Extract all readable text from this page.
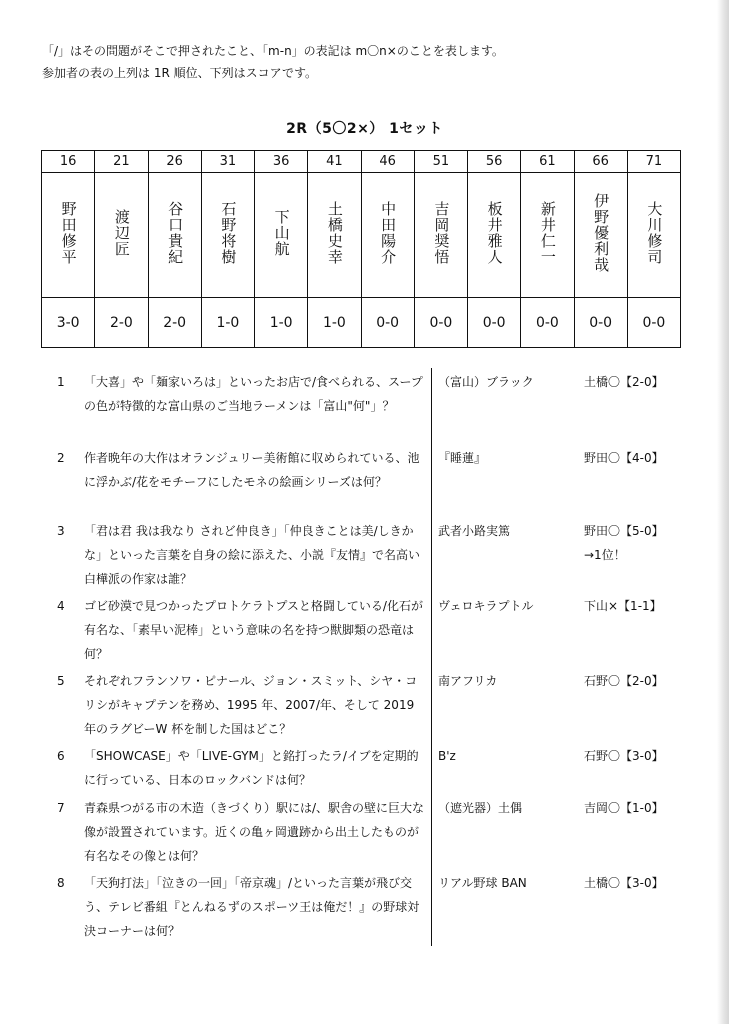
「/」はその問題がそこで押されたこと、「m-n」の表記は m〇n×のことを表します。
参加者の表の上列は 1R 順位、下列はスコアです。
2R（5〇2×） 1セット
16	21	26	31	36	41	46	51	56	61	66	71
野田修平	渡辺匠	谷口貴紀	石野将樹	下山航	土橋史幸	中田陽介	吉岡奨悟	板井雅人	新井仁一	伊野優利哉	大川修司
3-0	2-0	2-0	1-0	1-0	1-0	0-0	0-0	0-0	0-0	0-0	0-0
1 「大喜」や「麺家いろは」といったお店で/食べられる、スープの色が特徴的な富山県のご当地ラーメンは「富山"何"」？
（富山）ブラック	土橋〇【2-0】
2 作者晩年の大作はオランジュリー美術館に収められている、池に浮かぶ/花をモチーフにしたモネの絵画シリーズは何？
『睡蓮』	野田〇【4-0】
3 「君は君 我は我なり されど仲良き」「仲良きことは美/しきかな」といった言葉を自身の絵に添えた、小説『友情』で名高い白樺派の作家は誰？
武者小路実篤	野田〇【5-0】
→1位！
4 ゴビ砂漠で見つかったプロトケラトプスと格闘している/化石が有名な、「素早い泥棒」という意味の名を持つ獣脚類の恐竜は何？
ヴェロキラプトル	下山×【1-1】
5 それぞれフランソワ・ピナール、ジョン・スミット、シヤ・コリシがキャプテンを務め、1995 年、2007/年、そして 2019 年のラグビーW 杯を制した国はどこ？
南アフリカ	石野〇【2-0】
6 「SHOWCASE」や「LIVE-GYM」と銘打ったラ/イブを定期的に行っている、日本のロックバンドは何？
B'z	石野〇【3-0】
7 青森県つがる市の木造（きづくり）駅には/、駅舎の壁に巨大な像が設置されています。近くの亀ヶ岡遺跡から出土したものが有名なその像とは何？
（遮光器）土偶	吉岡〇【1-0】
8 「天狗打法」「泣きの一回」「帝京魂」/といった言葉が飛び交う、テレビ番組『とんねるずのスポーツ王は俺だ！』の野球対決コーナーは何？
リアル野球 BAN	土橋〇【3-0】
